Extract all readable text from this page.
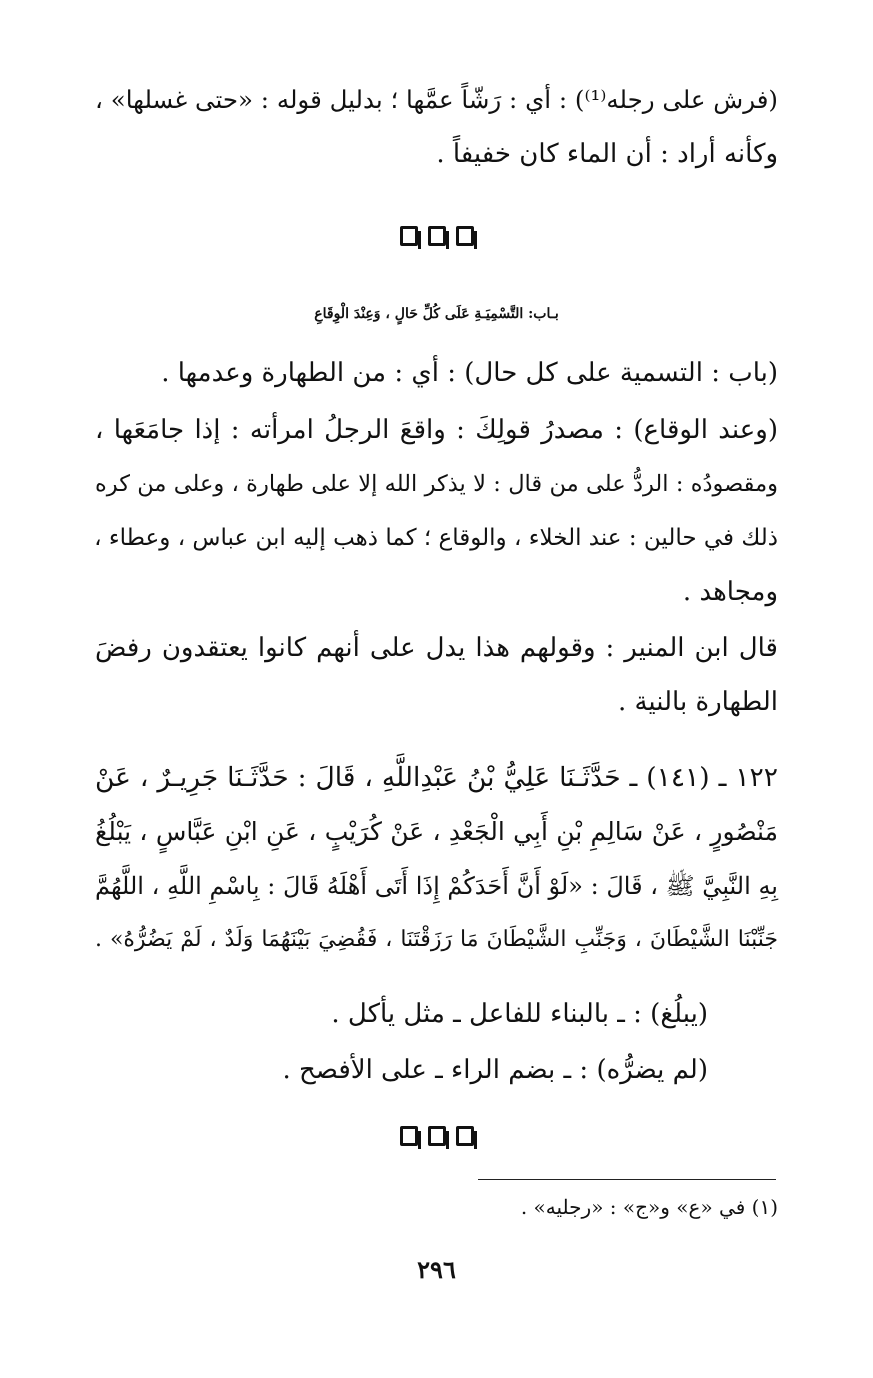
(فرش على رجله⁽¹⁾) : أي : رَشّاً عمَّها ؛ بدليل قوله : «حتى غسلها» ،
وكأنه أراد : أن الماء كان خفيفاً .

بـاب: التَّسْمِيَـةِ عَلَى كُلِّ حَالٍ ، وَعِنْدَ الْوِقَاعِ
(باب : التسمية على كل حال) : أي : من الطهارة وعدمها .
(وعند الوقاع) : مصدرُ قولِكَ : واقعَ الرجلُ امرأته : إذا جامَعَها ،
ومقصودُه : الردُّ على من قال : لا يذكر الله إلا على طهارة ، وعلى من كره
ذلك في حالين : عند الخلاء ، والوقاع ؛ كما ذهب إليه ابن عباس ، وعطاء ،
ومجاهد .
قال ابن المنير : وقولهم هذا يدل على أنهم كانوا يعتقدون رفضَ
الطهارة بالنية .
١٢٢ ـ (١٤١) ـ حَدَّثَـنَا عَلِيُّ بْنُ عَبْدِاللَّهِ ، قَالَ : حَدَّثَـنَا جَرِيـرٌ ، عَنْ
مَنْصُورٍ ، عَنْ سَالِمِ بْنِ أَبِي الْجَعْدِ ، عَنْ كُرَيْبٍ ، عَنِ ابْنِ عَبَّاسٍ ، يَبْلُغُ
بِهِ النَّبِيَّ ﷺ ، قَالَ : «لَوْ أَنَّ أَحَدَكُمْ إِذَا أَتَى أَهْلَهُ قَالَ : بِاسْمِ اللَّهِ ، اللَّهُمَّ
جَنِّبْنَا الشَّيْطَانَ ، وَجَنِّبِ الشَّيْطَانَ مَا رَزَقْتَنَا ، فَقُضِيَ بَيْنَهُمَا وَلَدٌ ، لَمْ يَضُرُّهُ» .
(يبلُغ) : ـ بالبناء للفاعل ـ مثل يأكل .
(لم يضرُّه) : ـ بضم الراء ـ على الأفصح .

(١) في «ع» و«ج» : «رجليه» .
٢٩٦
